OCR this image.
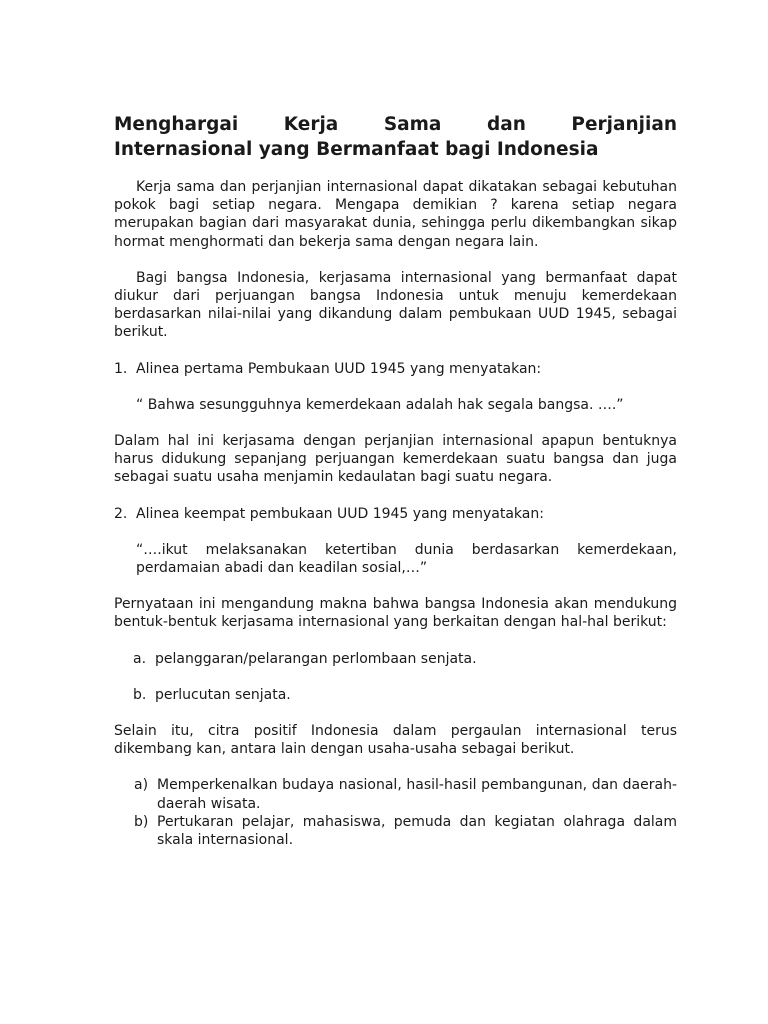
Menghargai Kerja Sama dan Perjanjian
Internasional yang Bermanfaat bagi Indonesia

Kerja sama dan perjanjian internasional dapat dikatakan sebagai kebutuhan pokok bagi setiap negara. Mengapa demikian ? karena setiap negara merupakan bagian dari masyarakat dunia, sehingga perlu dikembangkan sikap hormat menghormati dan bekerja sama dengan negara lain.

Bagi bangsa Indonesia, kerjasama internasional yang bermanfaat dapat diukur dari perjuangan bangsa Indonesia untuk menuju kemerdekaan berdasarkan nilai-nilai yang dikandung dalam pembukaan UUD 1945, sebagai berikut.

1. Alinea pertama Pembukaan UUD 1945 yang menyatakan:
“ Bahwa sesungguhnya kemerdekaan adalah hak segala bangsa. ….”

Dalam hal ini kerjasama dengan perjanjian internasional apapun bentuknya harus didukung sepanjang perjuangan kemerdekaan suatu bangsa dan juga sebagai suatu usaha menjamin kedaulatan bagi suatu negara.

2. Alinea keempat pembukaan UUD 1945 yang menyatakan:
“….ikut melaksanakan ketertiban dunia berdasarkan kemerdekaan, perdamaian abadi dan keadilan sosial,…”

Pernyataan ini mengandung makna bahwa bangsa Indonesia akan mendukung bentuk-bentuk kerjasama internasional yang berkaitan dengan hal-hal berikut:

a. pelanggaran/pelarangan perlombaan senjata.
b. perlucutan senjata.

Selain itu, citra positif Indonesia dalam pergaulan internasional terus dikembang kan, antara lain dengan usaha-usaha sebagai berikut.

a) Memperkenalkan budaya nasional, hasil-hasil pembangunan, dan daerah-daerah wisata.
b) Pertukaran pelajar, mahasiswa, pemuda dan kegiatan olahraga dalam skala internasional.
